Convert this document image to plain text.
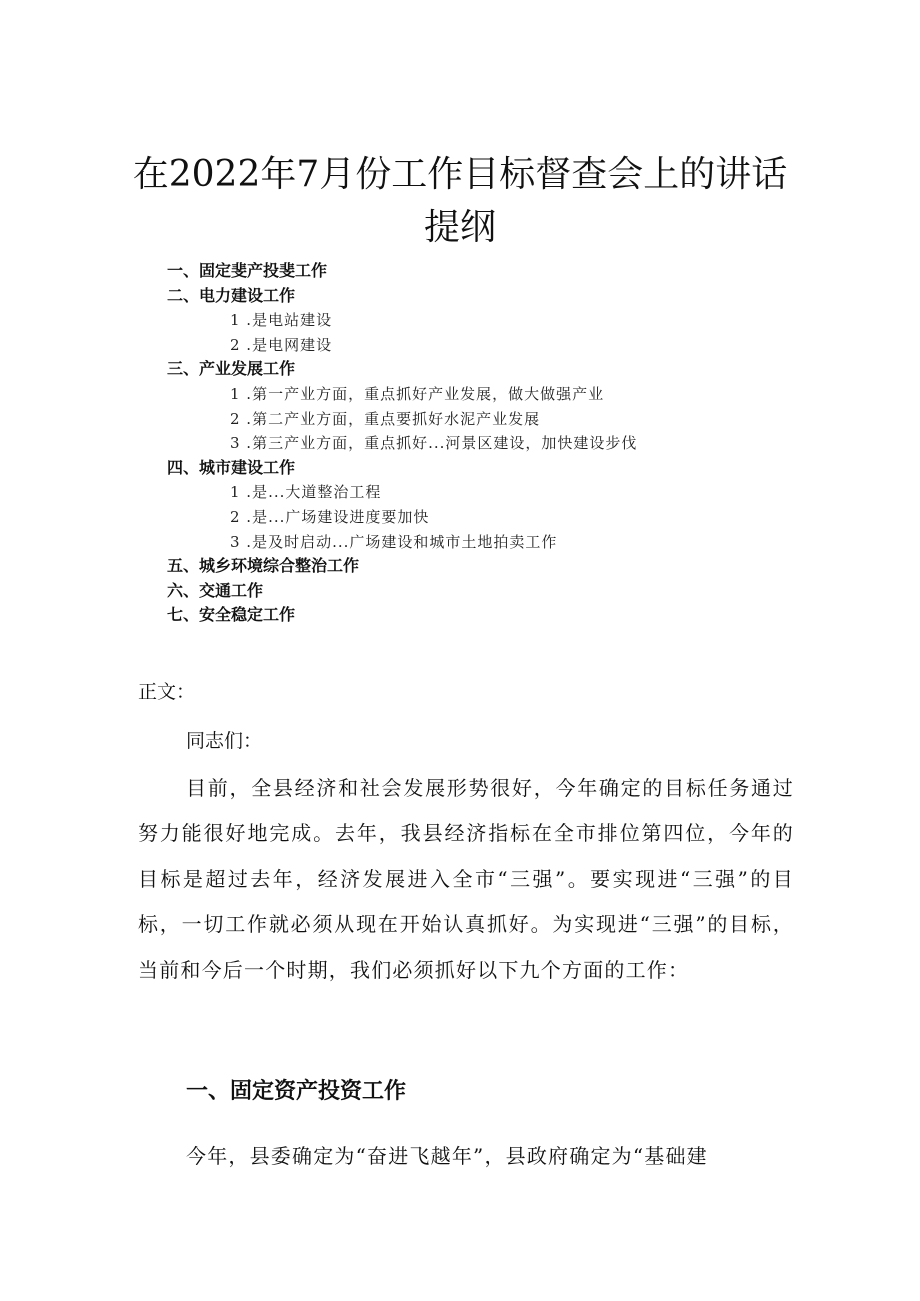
在2022年7月份工作目标督查会上的讲话
提纲
一、固定斐产投斐工作
二、电力建设工作
1 .是电站建设
2 .是电网建设
三、产业发展工作
1 .第一产业方面，重点抓好产业发展，做大做强产业
2 .第二产业方面，重点要抓好水泥产业发展
3 .第三产业方面，重点抓好...河景区建设，加快建设步伐
四、城市建设工作
1 .是...大道整治工程
2 .是...广场建设进度要加快
3 .是及时启动...广场建设和城市土地拍卖工作
五、城乡环境综合整治工作
六、交通工作
七、安全稳定工作
正文：
同志们：
目前，全县经济和社会发展形势很好，今年确定的目标任务通过努力能很好地完成。去年，我县经济指标在全市排位第四位，今年的目标是超过去年，经济发展进入全市“三强”。要实现进“三强”的目标，一切工作就必须从现在开始认真抓好。为实现进“三强”的目标，当前和今后一个时期，我们必须抓好以下九个方面的工作：
一、固定资产投资工作
今年，县委确定为“奋进飞越年”，县政府确定为“基础建
